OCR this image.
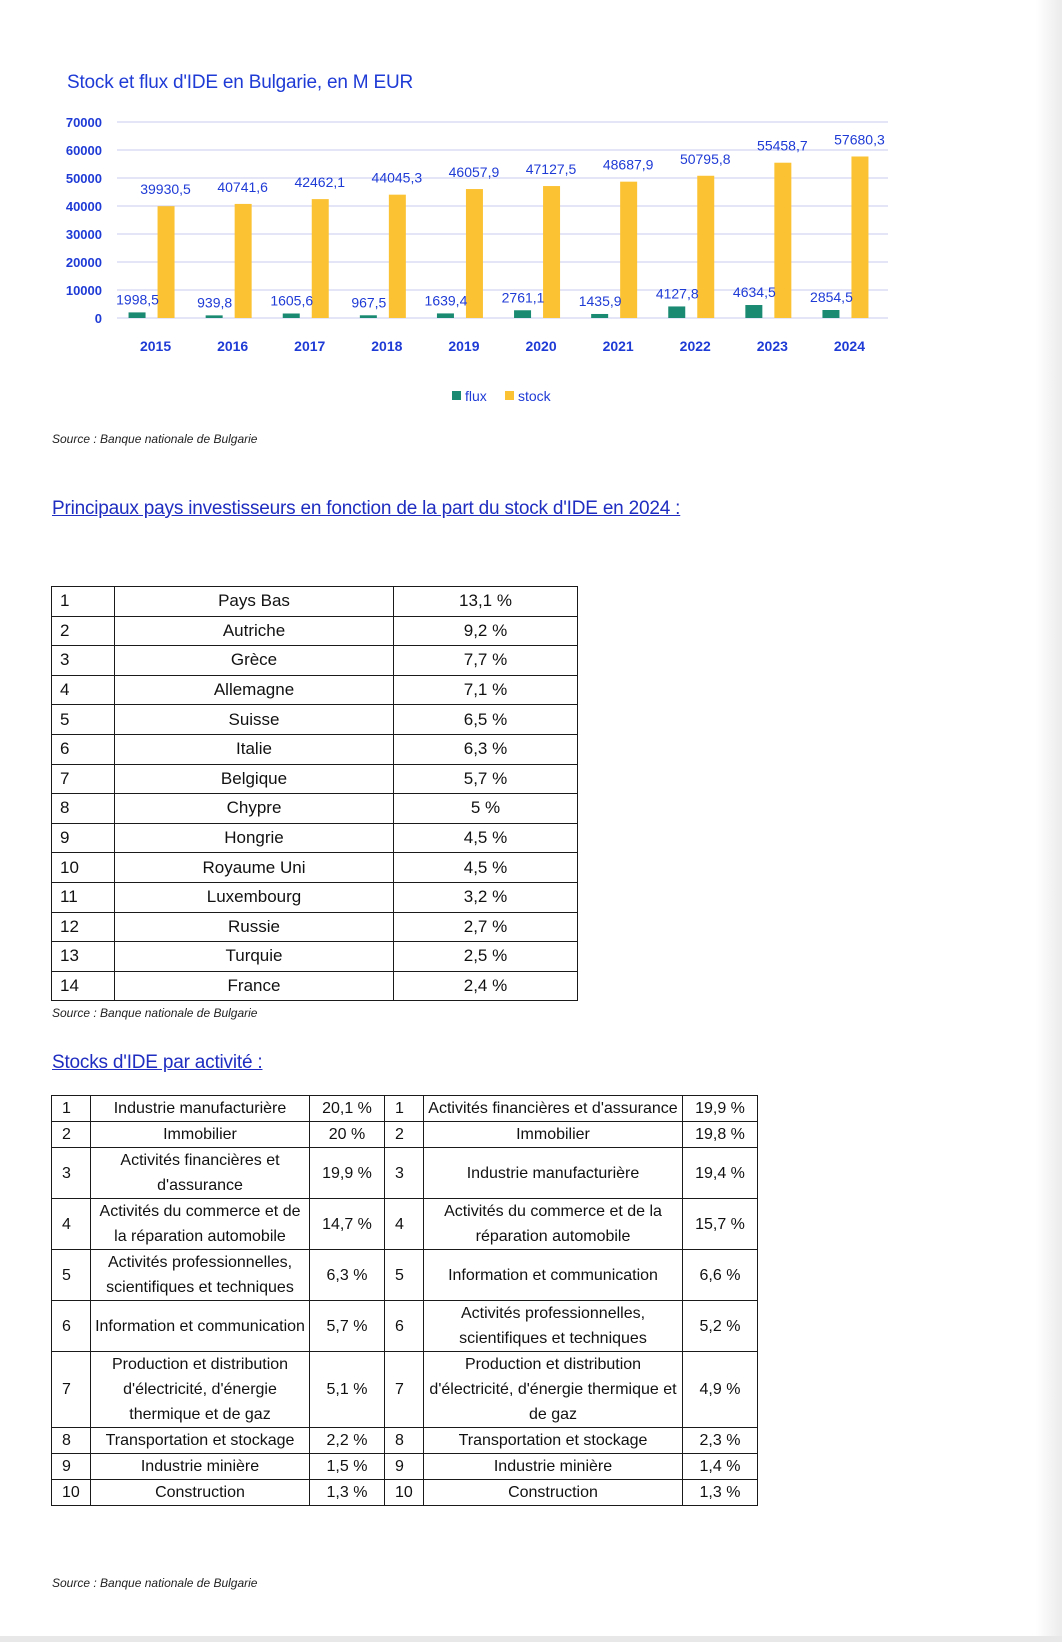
Stock et flux d'IDE en Bulgarie, en M EUR
0
10000
20000
30000
40000
50000
60000
70000
1998,5
39930,5
2015
939,8
40741,6
2016
1605,6
42462,1
2017
967,5
44045,3
2018
1639,4
46057,9
2019
2761,1
47127,5
2020
1435,9
48687,9
2021
4127,8
50795,8
2022
4634,5
55458,7
2023
2854,5
57680,3
2024
flux stock
Source : Banque nationale de Bulgarie
Principaux pays investisseurs en fonction de la part du stock d'IDE en 2024 :
1	Pays Bas	13,1 %
2	Autriche	9,2 %
3	Grèce	7,7 %
4	Allemagne	7,1 %
5	Suisse	6,5 %
6	Italie	6,3 %
7	Belgique	5,7 %
8	Chypre	5 %
9	Hongrie	4,5 %
10	Royaume Uni	4,5 %
11	Luxembourg	3,2 %
12	Russie	2,7 %
13	Turquie	2,5 %
14	France	2,4 %
Source : Banque nationale de Bulgarie
Stocks d'IDE par activité :
1	Industrie manufacturière	20,1 %	1	Activités financières et d'assurance	19,9 %
2	Immobilier	20 %	2	Immobilier	19,8 %
3	Activités financières et d'assurance	19,9 %	3	Industrie manufacturière	19,4 %
4	Activités du commerce et de la réparation automobile	14,7 %	4	Activités du commerce et de la réparation automobile	15,7 %
5	Activités professionnelles, scientifiques et techniques	6,3 %	5	Information et communication	6,6 %
6	Information et communication	5,7 %	6	Activités professionnelles, scientifiques et techniques	5,2 %
7	Production et distribution d'électricité, d'énergie thermique et de gaz	5,1 %	7	Production et distribution d'électricité, d'énergie thermique et de gaz	4,9 %
8	Transportation et stockage	2,2 %	8	Transportation et stockage	2,3 %
9	Industrie minière	1,5 %	9	Industrie minière	1,4 %
10	Construction	1,3 %	10	Construction	1,3 %
Source : Banque nationale de Bulgarie
